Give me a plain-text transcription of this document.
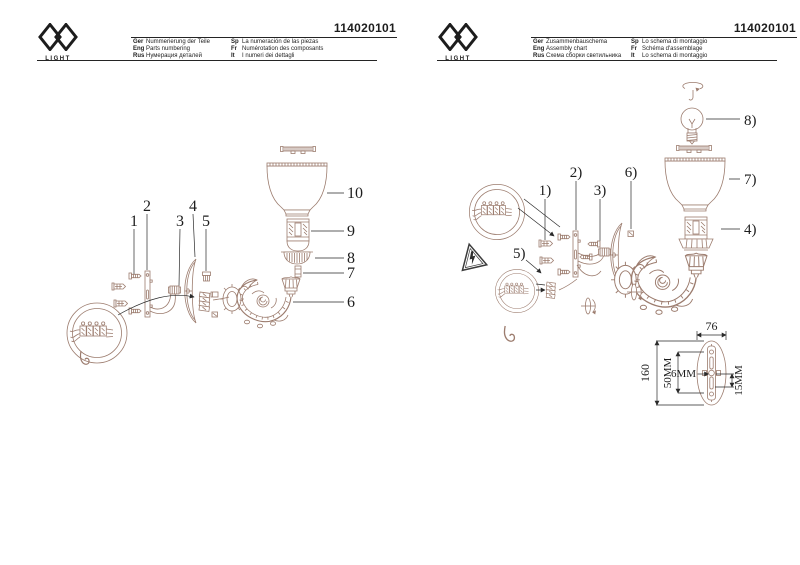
LIGHT
114020101
Ger Nummerierung der Teile
Eng Parts numbering
Rus Нумерация деталей
Sp La numeración de las piezas
Fr Numérotation des composants
It I numeri dei dettagli
LIGHT
114020101
Ger Zusammenbauschema
Eng Assembly chart
Rus Схема сборки светильника
Sp Lo schema di montaggio
Fr Schéma d'assemblage
It Lo schema di montaggio
1
2
3
4
5
6
7
8
9
10	1)
2)
3)
4)
5)
6)	7)
8)
76
160 50MM
6MM	15MM
